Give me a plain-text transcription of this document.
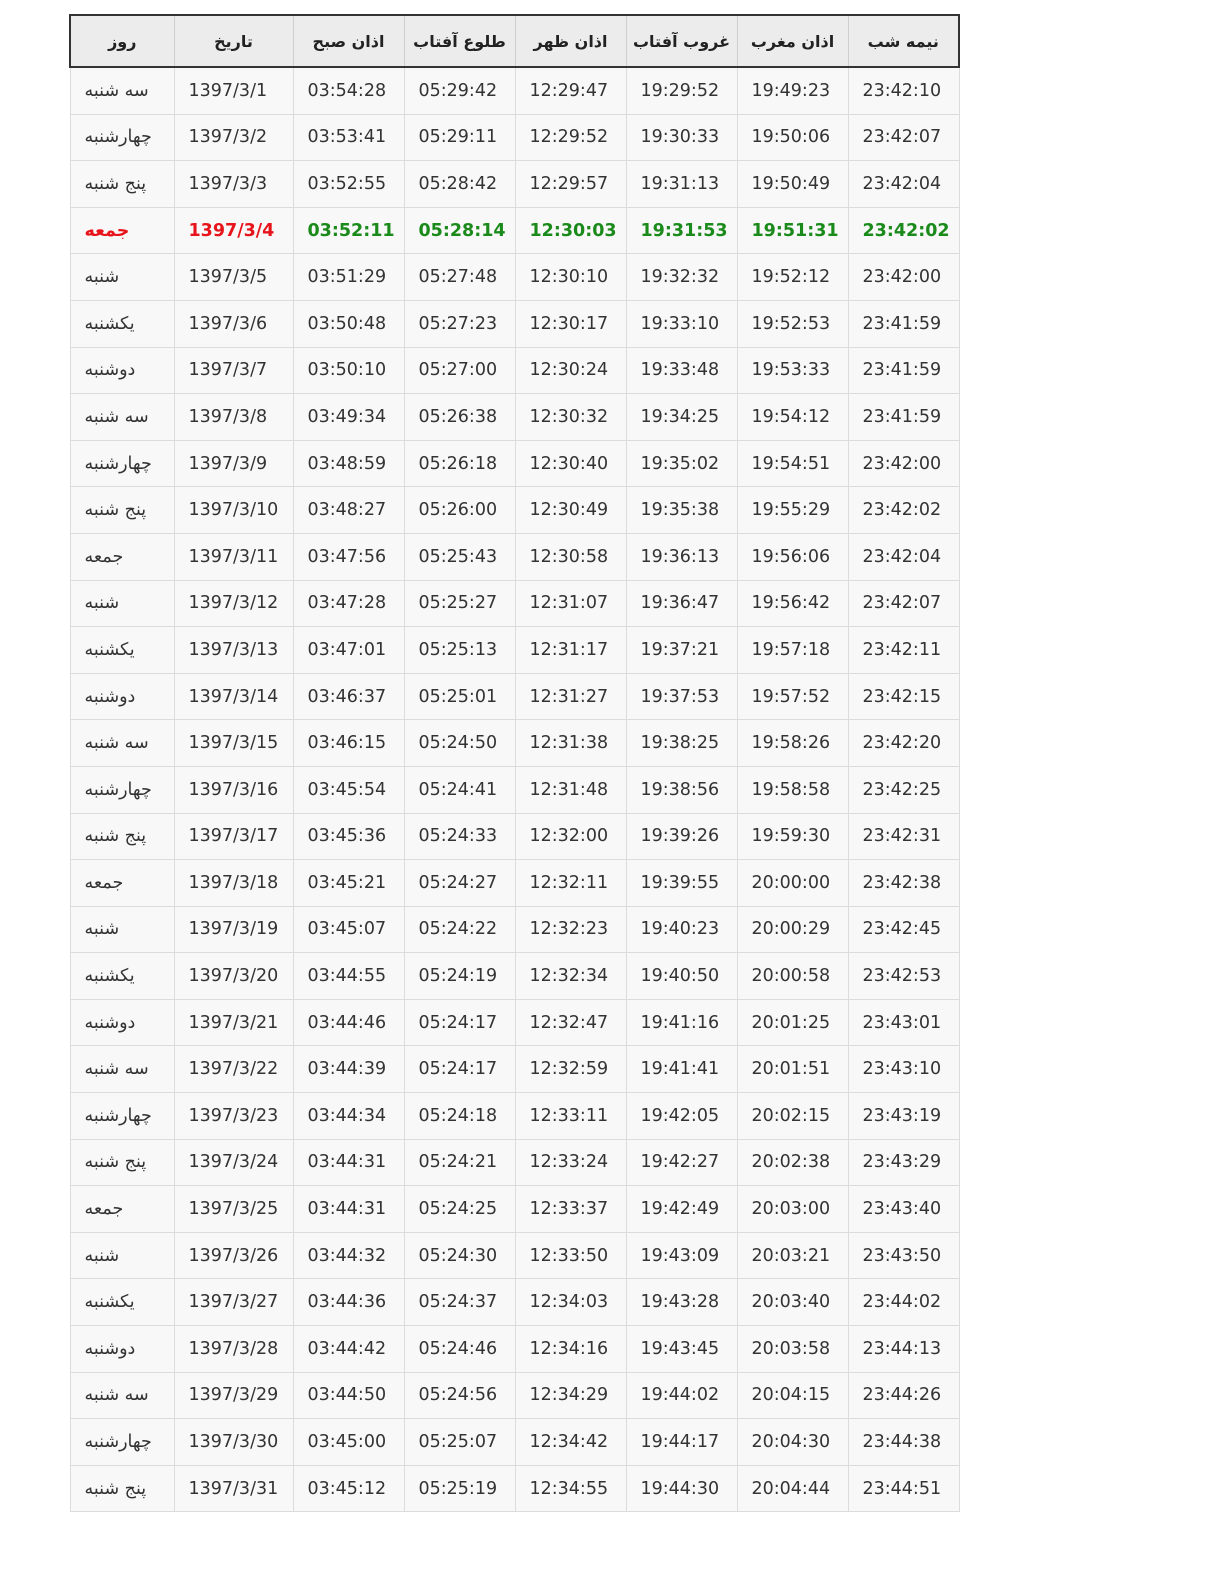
روز	تاریخ	اذان صبح	طلوع آفتاب	اذان ظهر	غروب آفتاب	اذان مغرب	نیمه شب
سه شنبه	1397/3/1	03:54:28	05:29:42	12:29:47	19:29:52	19:49:23	23:42:10
چهارشنبه	1397/3/2	03:53:41	05:29:11	12:29:52	19:30:33	19:50:06	23:42:07
پنج شنبه	1397/3/3	03:52:55	05:28:42	12:29:57	19:31:13	19:50:49	23:42:04
جمعه	1397/3/4	03:52:11	05:28:14	12:30:03	19:31:53	19:51:31	23:42:02
شنبه	1397/3/5	03:51:29	05:27:48	12:30:10	19:32:32	19:52:12	23:42:00
یکشنبه	1397/3/6	03:50:48	05:27:23	12:30:17	19:33:10	19:52:53	23:41:59
دوشنبه	1397/3/7	03:50:10	05:27:00	12:30:24	19:33:48	19:53:33	23:41:59
سه شنبه	1397/3/8	03:49:34	05:26:38	12:30:32	19:34:25	19:54:12	23:41:59
چهارشنبه	1397/3/9	03:48:59	05:26:18	12:30:40	19:35:02	19:54:51	23:42:00
پنج شنبه	1397/3/10	03:48:27	05:26:00	12:30:49	19:35:38	19:55:29	23:42:02
جمعه	1397/3/11	03:47:56	05:25:43	12:30:58	19:36:13	19:56:06	23:42:04
شنبه	1397/3/12	03:47:28	05:25:27	12:31:07	19:36:47	19:56:42	23:42:07
یکشنبه	1397/3/13	03:47:01	05:25:13	12:31:17	19:37:21	19:57:18	23:42:11
دوشنبه	1397/3/14	03:46:37	05:25:01	12:31:27	19:37:53	19:57:52	23:42:15
سه شنبه	1397/3/15	03:46:15	05:24:50	12:31:38	19:38:25	19:58:26	23:42:20
چهارشنبه	1397/3/16	03:45:54	05:24:41	12:31:48	19:38:56	19:58:58	23:42:25
پنج شنبه	1397/3/17	03:45:36	05:24:33	12:32:00	19:39:26	19:59:30	23:42:31
جمعه	1397/3/18	03:45:21	05:24:27	12:32:11	19:39:55	20:00:00	23:42:38
شنبه	1397/3/19	03:45:07	05:24:22	12:32:23	19:40:23	20:00:29	23:42:45
یکشنبه	1397/3/20	03:44:55	05:24:19	12:32:34	19:40:50	20:00:58	23:42:53
دوشنبه	1397/3/21	03:44:46	05:24:17	12:32:47	19:41:16	20:01:25	23:43:01
سه شنبه	1397/3/22	03:44:39	05:24:17	12:32:59	19:41:41	20:01:51	23:43:10
چهارشنبه	1397/3/23	03:44:34	05:24:18	12:33:11	19:42:05	20:02:15	23:43:19
پنج شنبه	1397/3/24	03:44:31	05:24:21	12:33:24	19:42:27	20:02:38	23:43:29
جمعه	1397/3/25	03:44:31	05:24:25	12:33:37	19:42:49	20:03:00	23:43:40
شنبه	1397/3/26	03:44:32	05:24:30	12:33:50	19:43:09	20:03:21	23:43:50
یکشنبه	1397/3/27	03:44:36	05:24:37	12:34:03	19:43:28	20:03:40	23:44:02
دوشنبه	1397/3/28	03:44:42	05:24:46	12:34:16	19:43:45	20:03:58	23:44:13
سه شنبه	1397/3/29	03:44:50	05:24:56	12:34:29	19:44:02	20:04:15	23:44:26
چهارشنبه	1397/3/30	03:45:00	05:25:07	12:34:42	19:44:17	20:04:30	23:44:38
پنج شنبه	1397/3/31	03:45:12	05:25:19	12:34:55	19:44:30	20:04:44	23:44:51
